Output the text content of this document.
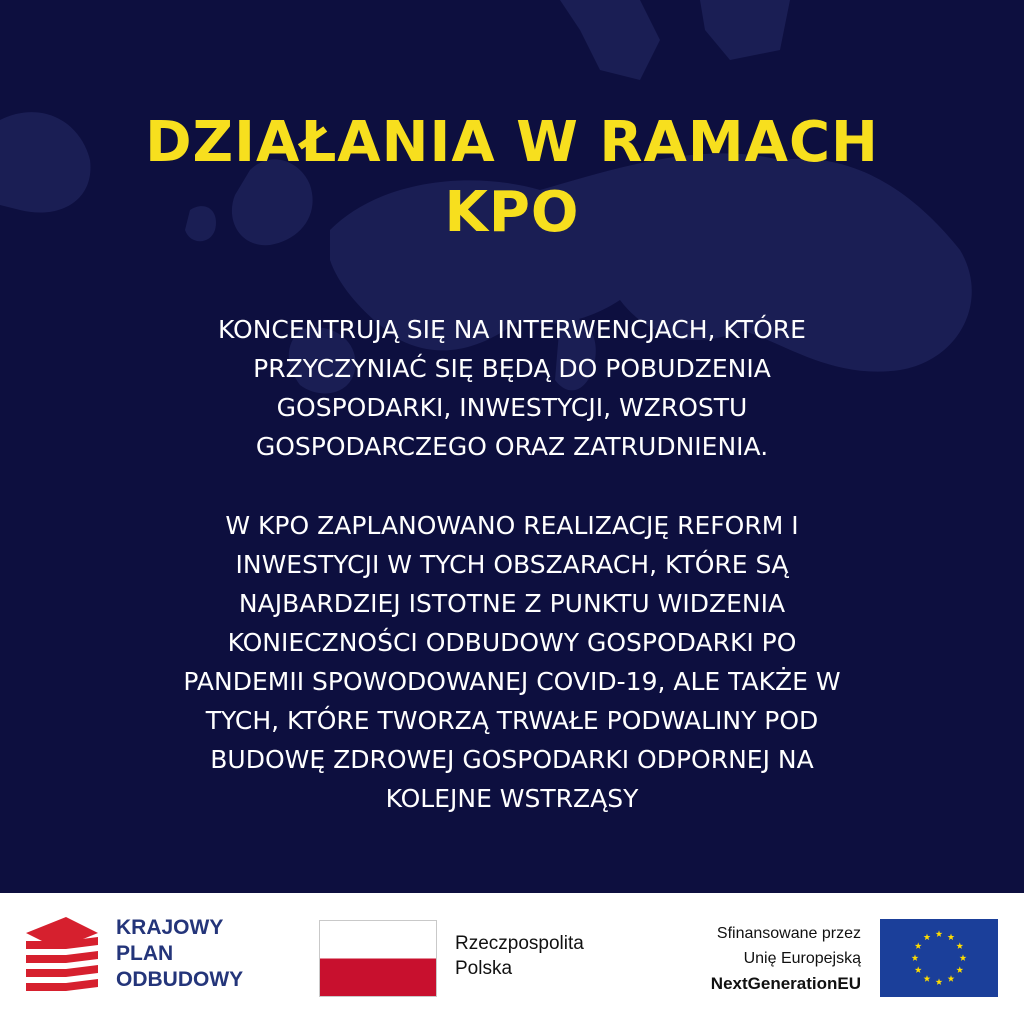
DZIAŁANIA W RAMACH
KPO
KONCENTRUJĄ SIĘ NA INTERWENCJACH, KTÓRE
PRZYCZYNIAĆ SIĘ BĘDĄ DO POBUDZENIA
GOSPODARKI, INWESTYCJI, WZROSTU
GOSPODARCZEGO ORAZ ZATRUDNIENIA.
W KPO ZAPLANOWANO REALIZACJĘ REFORM I
INWESTYCJI W TYCH OBSZARACH, KTÓRE SĄ
NAJBARDZIEJ ISTOTNE Z PUNKTU WIDZENIA
KONIECZNOŚCI ODBUDOWY GOSPODARKI PO
PANDEMII SPOWODOWANEJ COVID-19, ALE TAKŻE W
TYCH, KTÓRE TWORZĄ TRWAŁE PODWALINY POD
BUDOWĘ ZDROWEJ GOSPODARKI ODPORNEJ NA
KOLEJNE WSTRZĄSY
KRAJOWY
PLAN
ODBUDOWY
Rzeczpospolita
Polska
Sfinansowane przez
Unię Europejską
NextGenerationEU
